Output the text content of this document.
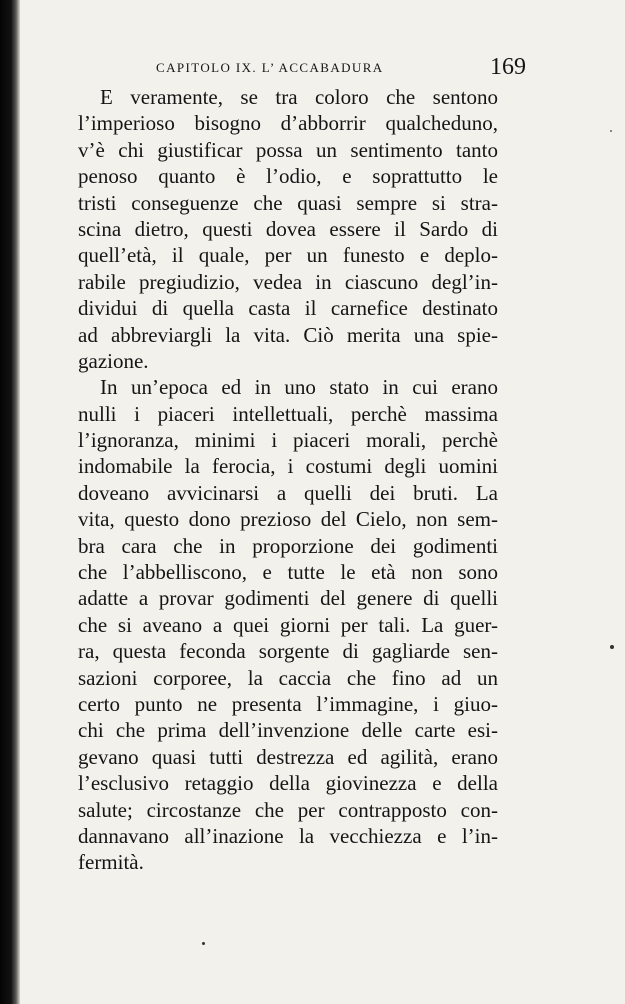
CAPITOLO IX. L’ ACCABADURA	169
E veramente, se tra coloro che sentono
l’imperioso bisogno d’abborrir qualcheduno,
v’è chi giustificar possa un sentimento tanto
penoso quanto è l’odio, e soprattutto le
tristi conseguenze che quasi sempre si stra-
scina dietro, questi dovea essere il Sardo di
quell’età, il quale, per un funesto e deplo-
rabile pregiudizio, vedea in ciascuno degl’in-
dividui di quella casta il carnefice destinato
ad abbreviargli la vita. Ciò merita una spie-
gazione.
In un’epoca ed in uno stato in cui erano
nulli i piaceri intellettuali, perchè massima
l’ignoranza, minimi i piaceri morali, perchè
indomabile la ferocia, i costumi degli uomini
doveano avvicinarsi a quelli dei bruti. La
vita, questo dono prezioso del Cielo, non sem-
bra cara che in proporzione dei godimenti
che l’abbelliscono, e tutte le età non sono
adatte a provar godimenti del genere di quelli
che si aveano a quei giorni per tali. La guer-
ra, questa feconda sorgente di gagliarde sen-
sazioni corporee, la caccia che fino ad un
certo punto ne presenta l’immagine, i giuo-
chi che prima dell’invenzione delle carte esi-
gevano quasi tutti destrezza ed agilità, erano
l’esclusivo retaggio della giovinezza e della
salute; circostanze che per contrapposto con-
dannavano all’inazione la vecchiezza e l’in-
fermità.
